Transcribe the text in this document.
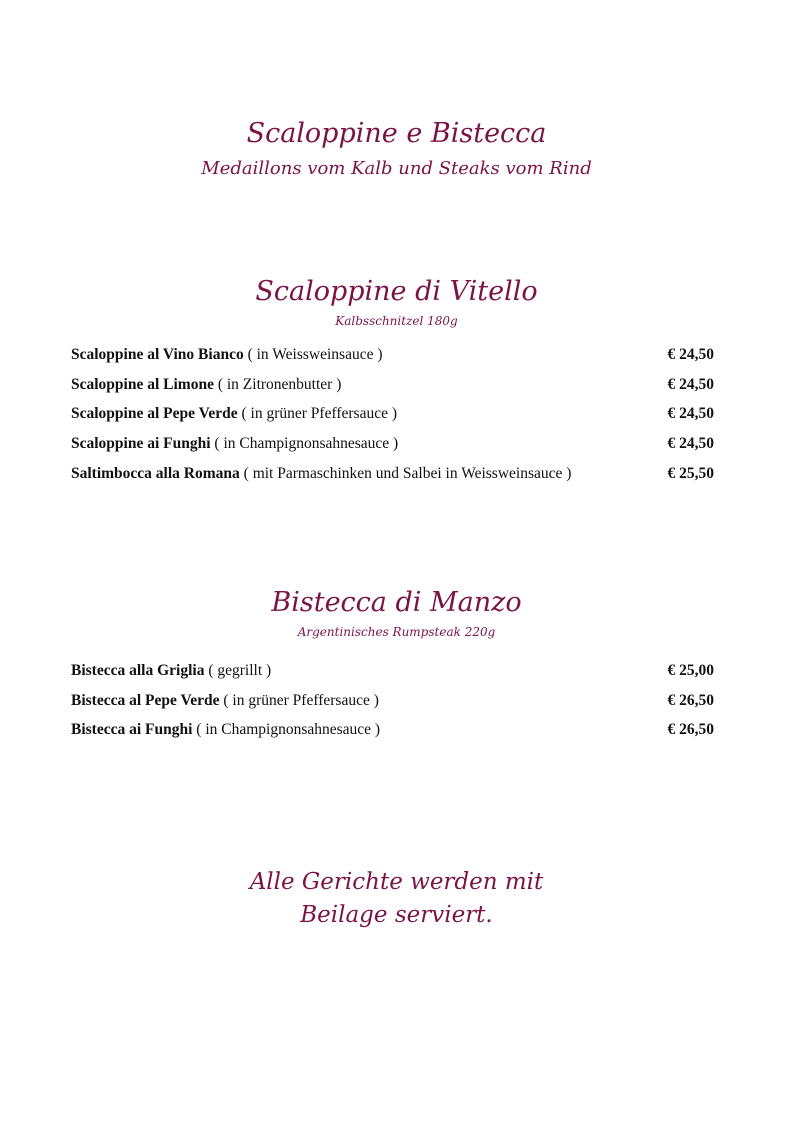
Scaloppine e Bistecca
Medaillons vom Kalb und Steaks vom Rind
Scaloppine di Vitello
Kalbsschnitzel 180g
Scaloppine al Vino Bianco ( in Weissweinsauce )	€ 24,50
Scaloppine al Limone ( in Zitronenbutter )	€ 24,50
Scaloppine al Pepe Verde ( in grüner Pfeffersauce )	€ 24,50
Scaloppine ai Funghi ( in Champignonsahnesauce )	€ 24,50
Saltimbocca alla Romana ( mit Parmaschinken und Salbei in Weissweinsauce )	€ 25,50
Bistecca di Manzo
Argentinisches Rumpsteak 220g
Bistecca alla Griglia ( gegrillt )	€ 25,00
Bistecca al Pepe Verde ( in grüner Pfeffersauce )	€ 26,50
Bistecca ai Funghi ( in Champignonsahnesauce )	€ 26,50
Alle Gerichte werden mit
Beilage serviert.
